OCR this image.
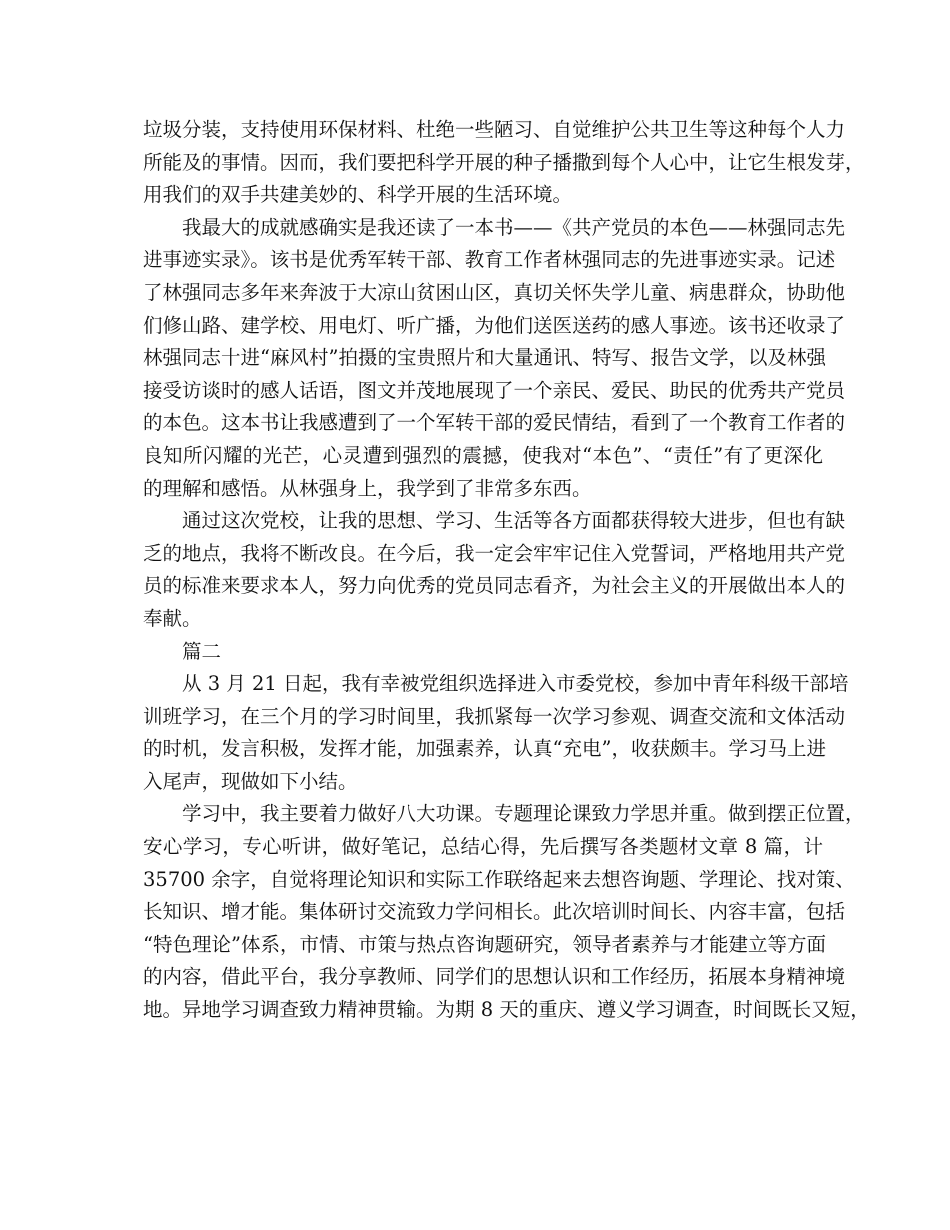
垃圾分装，支持使用环保材料、杜绝一些陋习、自觉维护公共卫生等这种每个人力
所能及的事情。因而，我们要把科学开展的种子播撒到每个人心中，让它生根发芽，
用我们的双手共建美妙的、科学开展的生活环境。
我最大的成就感确实是我还读了一本书——《共产党员的本色——林强同志先
进事迹实录》。该书是优秀军转干部、教育工作者林强同志的先进事迹实录。记述
了林强同志多年来奔波于大凉山贫困山区，真切关怀失学儿童、病患群众，协助他
们修山路、建学校、用电灯、听广播，为他们送医送药的感人事迹。该书还收录了
林强同志十进“麻风村”拍摄的宝贵照片和大量通讯、特写、报告文学，以及林强
接受访谈时的感人话语，图文并茂地展现了一个亲民、爱民、助民的优秀共产党员
的本色。这本书让我感遭到了一个军转干部的爱民情结，看到了一个教育工作者的
良知所闪耀的光芒，心灵遭到强烈的震撼，使我对“本色”、“责任”有了更深化
的理解和感悟。从林强身上，我学到了非常多东西。
通过这次党校，让我的思想、学习、生活等各方面都获得较大进步，但也有缺
乏的地点，我将不断改良。在今后，我一定会牢牢记住入党誓词，严格地用共产党
员的标准来要求本人，努力向优秀的党员同志看齐，为社会主义的开展做出本人的
奉献。
篇二
从 3 月 21 日起，我有幸被党组织选择进入市委党校，参加中青年科级干部培
训班学习，在三个月的学习时间里，我抓紧每一次学习参观、调查交流和文体活动
的时机，发言积极，发挥才能，加强素养，认真“充电”，收获颇丰。学习马上进
入尾声，现做如下小结。
学习中，我主要着力做好八大功课。专题理论课致力学思并重。做到摆正位置，
安心学习，专心听讲，做好笔记，总结心得，先后撰写各类题材文章 8 篇，计
35700 余字，自觉将理论知识和实际工作联络起来去想咨询题、学理论、找对策、
长知识、增才能。集体研讨交流致力学问相长。此次培训时间长、内容丰富，包括
“特色理论”体系，市情、市策与热点咨询题研究，领导者素养与才能建立等方面
的内容，借此平台，我分享教师、同学们的思想认识和工作经历，拓展本身精神境
地。异地学习调查致力精神贯输。为期 8 天的重庆、遵义学习调查，时间既长又短，
